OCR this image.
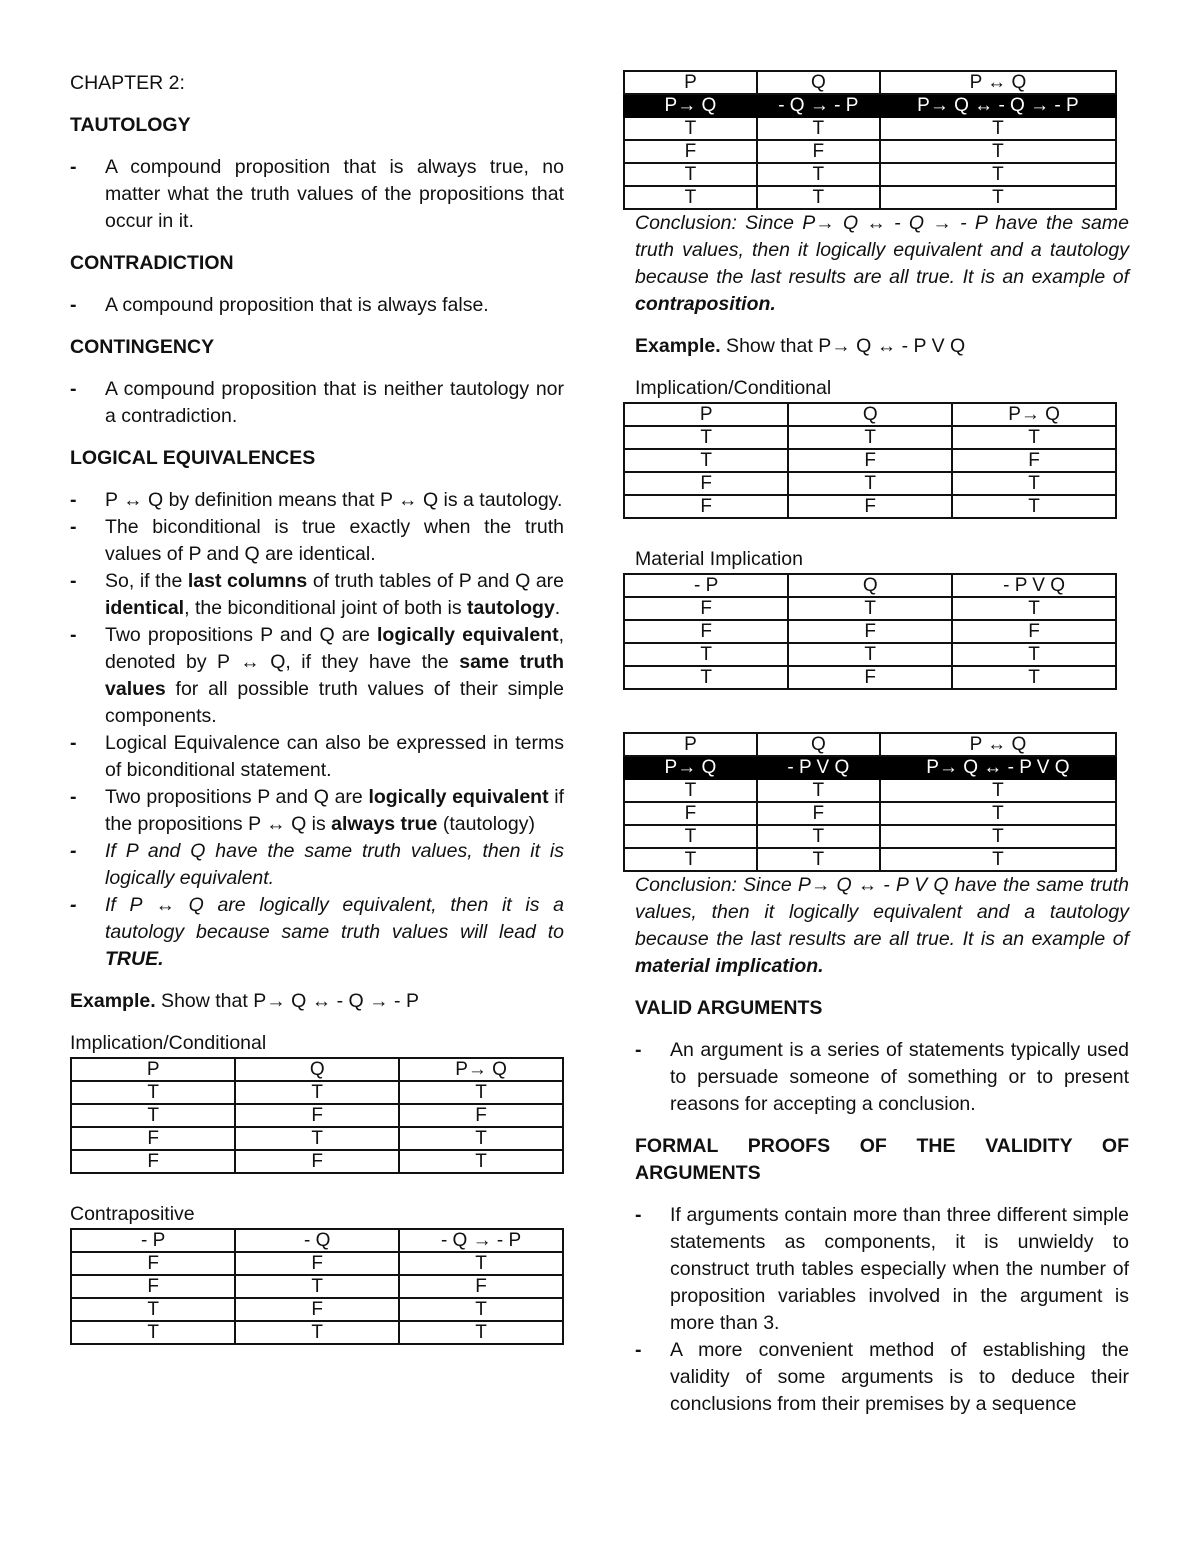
CHAPTER 2:

TAUTOLOGY

- A compound proposition that is always true, no matter what the truth values of the propositions that occur in it.

CONTRADICTION

- A compound proposition that is always false.

CONTINGENCY

- A compound proposition that is neither tautology nor a contradiction.

LOGICAL EQUIVALENCES

- P ↔ Q by definition means that P ↔ Q is a tautology.
- The biconditional is true exactly when the truth values of P and Q are identical.
- So, if the last columns of truth tables of P and Q are identical, the biconditional joint of both is tautology.
- Two propositions P and Q are logically equivalent, denoted by P ↔ Q, if they have the same truth values for all possible truth values of their simple components.
- Logical Equivalence can also be expressed in terms of biconditional statement.
- Two propositions P and Q are logically equivalent if the propositions P ↔ Q is always true (tautology)
- If P and Q have the same truth values, then it is logically equivalent.
- If P ↔ Q are logically equivalent, then it is a tautology because same truth values will lead to TRUE.

Example. Show that P→ Q ↔ - Q → - P

Implication/Conditional

P	Q	P→ Q
T	T	T
T	F	F
F	T	T
F	F	T

Contrapositive

- P	- Q	- Q → - P
F	F	T
F	T	F
T	F	T
T	T	T
P	Q	P ↔ Q
P→ Q	- Q → - P	P→ Q ↔ - Q → - P
T	T	T
F	F	T
T	T	T
T	T	T

Conclusion: Since P→ Q ↔ - Q → - P have the same truth values, then it logically equivalent and a tautology because the last results are all true. It is an example of contraposition.

Example. Show that P→ Q ↔ - P V Q

Implication/Conditional

P	Q	P→ Q
T	T	T
T	F	F
F	T	T
F	F	T

Material Implication

- P	Q	- P V Q
F	T	T
F	F	F
T	T	T
T	F	T
P	Q	P ↔ Q
P→ Q	- P V Q	P→ Q ↔ - P V Q
T	T	T
F	F	T
T	T	T
T	T	T

Conclusion: Since P→ Q ↔ - P V Q have the same truth values, then it logically equivalent and a tautology because the last results are all true. It is an example of material implication.

VALID ARGUMENTS

- An argument is a series of statements typically used to persuade someone of something or to present reasons for accepting a conclusion.

FORMAL PROOFS OF THE VALIDITY OF ARGUMENTS

- If arguments contain more than three different simple statements as components, it is unwieldy to construct truth tables especially when the number of proposition variables involved in the argument is more than 3.
- A more convenient method of establishing the validity of some arguments is to deduce their conclusions from their premises by a sequence
